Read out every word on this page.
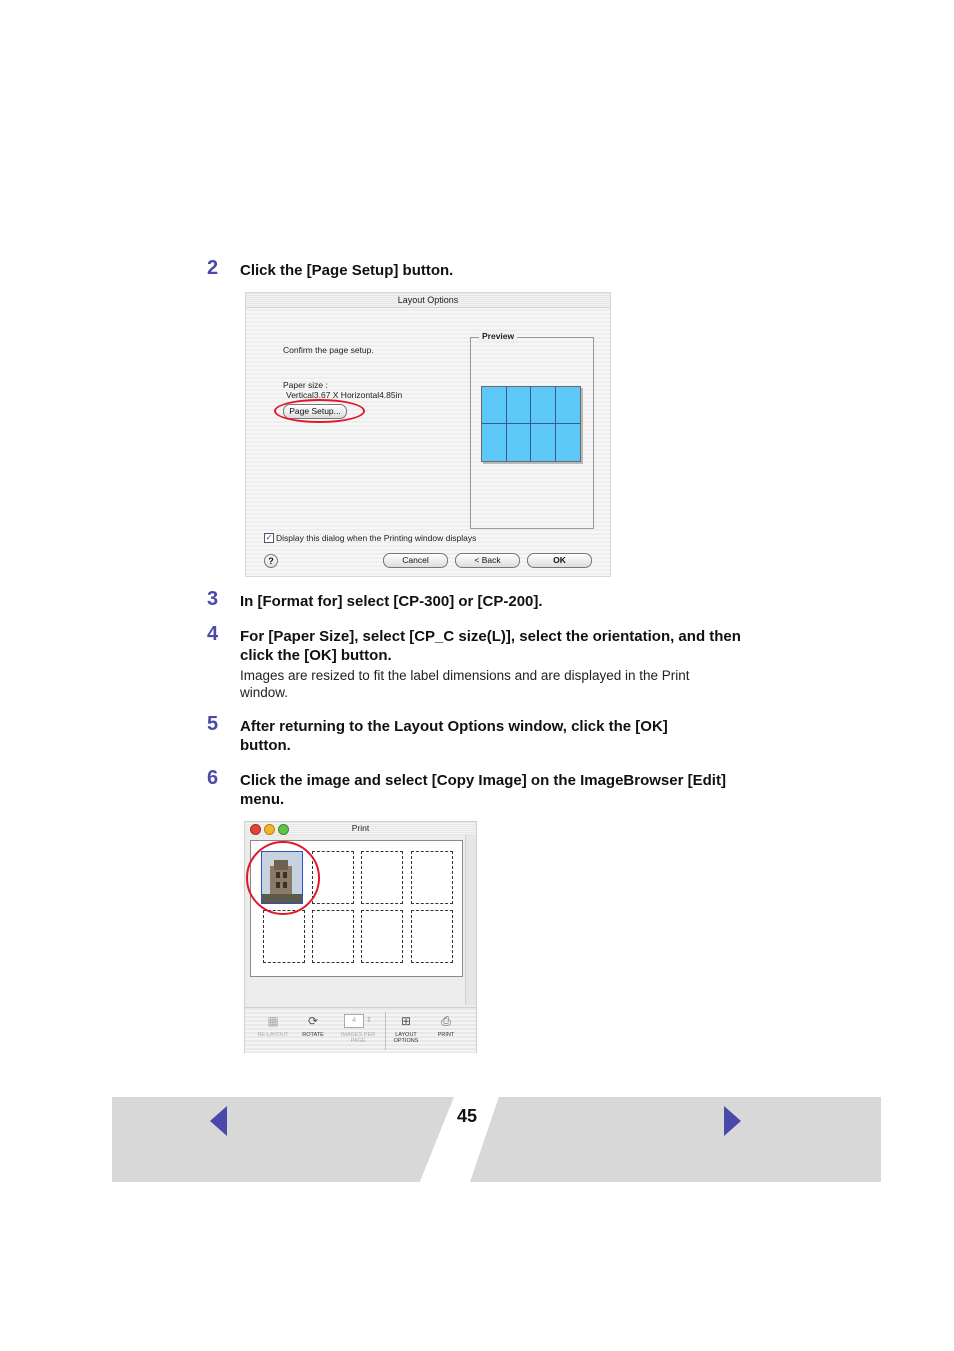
2 Click the [Page Setup] button.
Layout Options
Confirm the page setup.
Paper size :
Vertical3.67 X Horizontal4.85in
Page Setup...
Preview
✓ Display this dialog when the Printing window displays
?	Cancel	< Back	OK
3 In [Format for] select [CP-300] or [CP-200].
4 For [Paper Size], select [CP_C size(L)], select the orientation, and then click the [OK] button.
Images are resized to fit the label dimensions and are displayed in the Print window.
5 After returning to the Layout Options window, click the [OK] button.
6 Click the image and select [Copy Image] on the ImageBrowser [Edit] menu.
Print
▦
RE-LAYOUT
⟳
ROTATE
4 ⇕
IMAGES PER PAGE
⊞
LAYOUT OPTIONS
⎙
PRINT
45
